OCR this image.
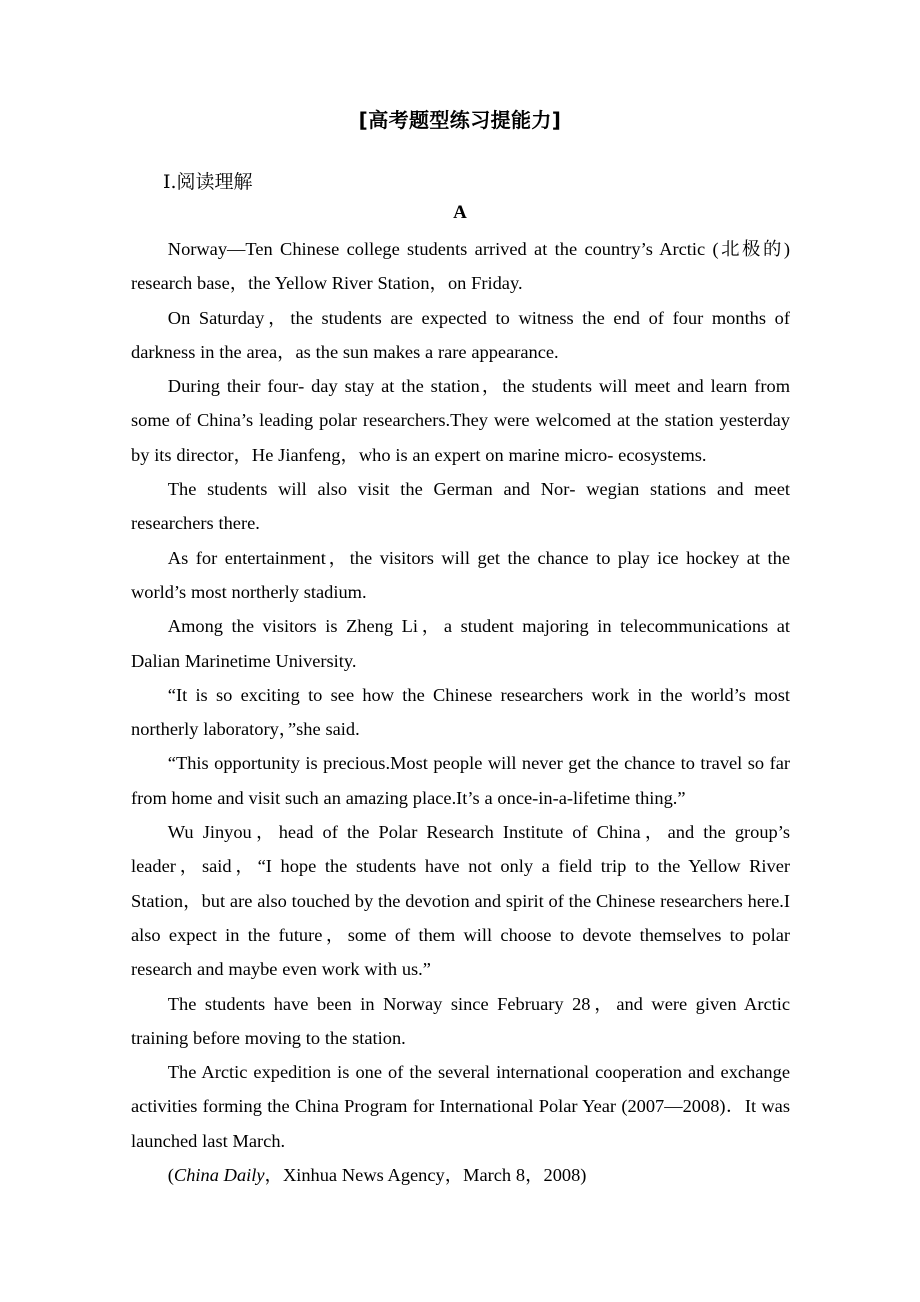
[高考题型练习提能力]
Ⅰ.阅读理解
A

Norway—Ten Chinese college students arrived at the country’s Arctic (北极的) research base，the Yellow River Station，on Friday.

On Saturday，the students are expected to witness the end of four months of darkness in the area，as the sun makes a rare appearance.

During their four‐ day stay at the station，the students will meet and learn from some of China’s leading polar researchers.They were welcomed at the station yesterday by its director，He Jianfeng，who is an expert on marine micro‐ ecosystems.

The students will also visit the German and Nor‐ wegian stations and meet researchers there.

As for entertainment，the visitors will get the chance to play ice hockey at the world’s most northerly stadium.

Among the visitors is Zheng Li，a student majoring in telecommunications at Dalian Marinetime University.

“It is so exciting to see how the Chinese researchers work in the world’s most northerly laboratory，”she said.

“This opportunity is precious.Most people will never get the chance to travel so far from home and visit such an amazing place.It’s a once-in-a-lifetime thing.”

Wu Jinyou，head of the Polar Research Institute of China，and the group’s leader，said，“I hope the students have not only a field trip to the Yellow River Station，but are also touched by the devotion and spirit of the Chinese researchers here.I also expect in the future，some of them will choose to devote themselves to polar research and maybe even work with us.”

The students have been in Norway since February 28，and were given Arctic training before moving to the station.

The Arctic expedition is one of the several international cooperation and exchange activities forming the China Program for International Polar Year (2007—2008)．It was launched last March.

(China Daily，Xinhua News Agency，March 8，2008)
